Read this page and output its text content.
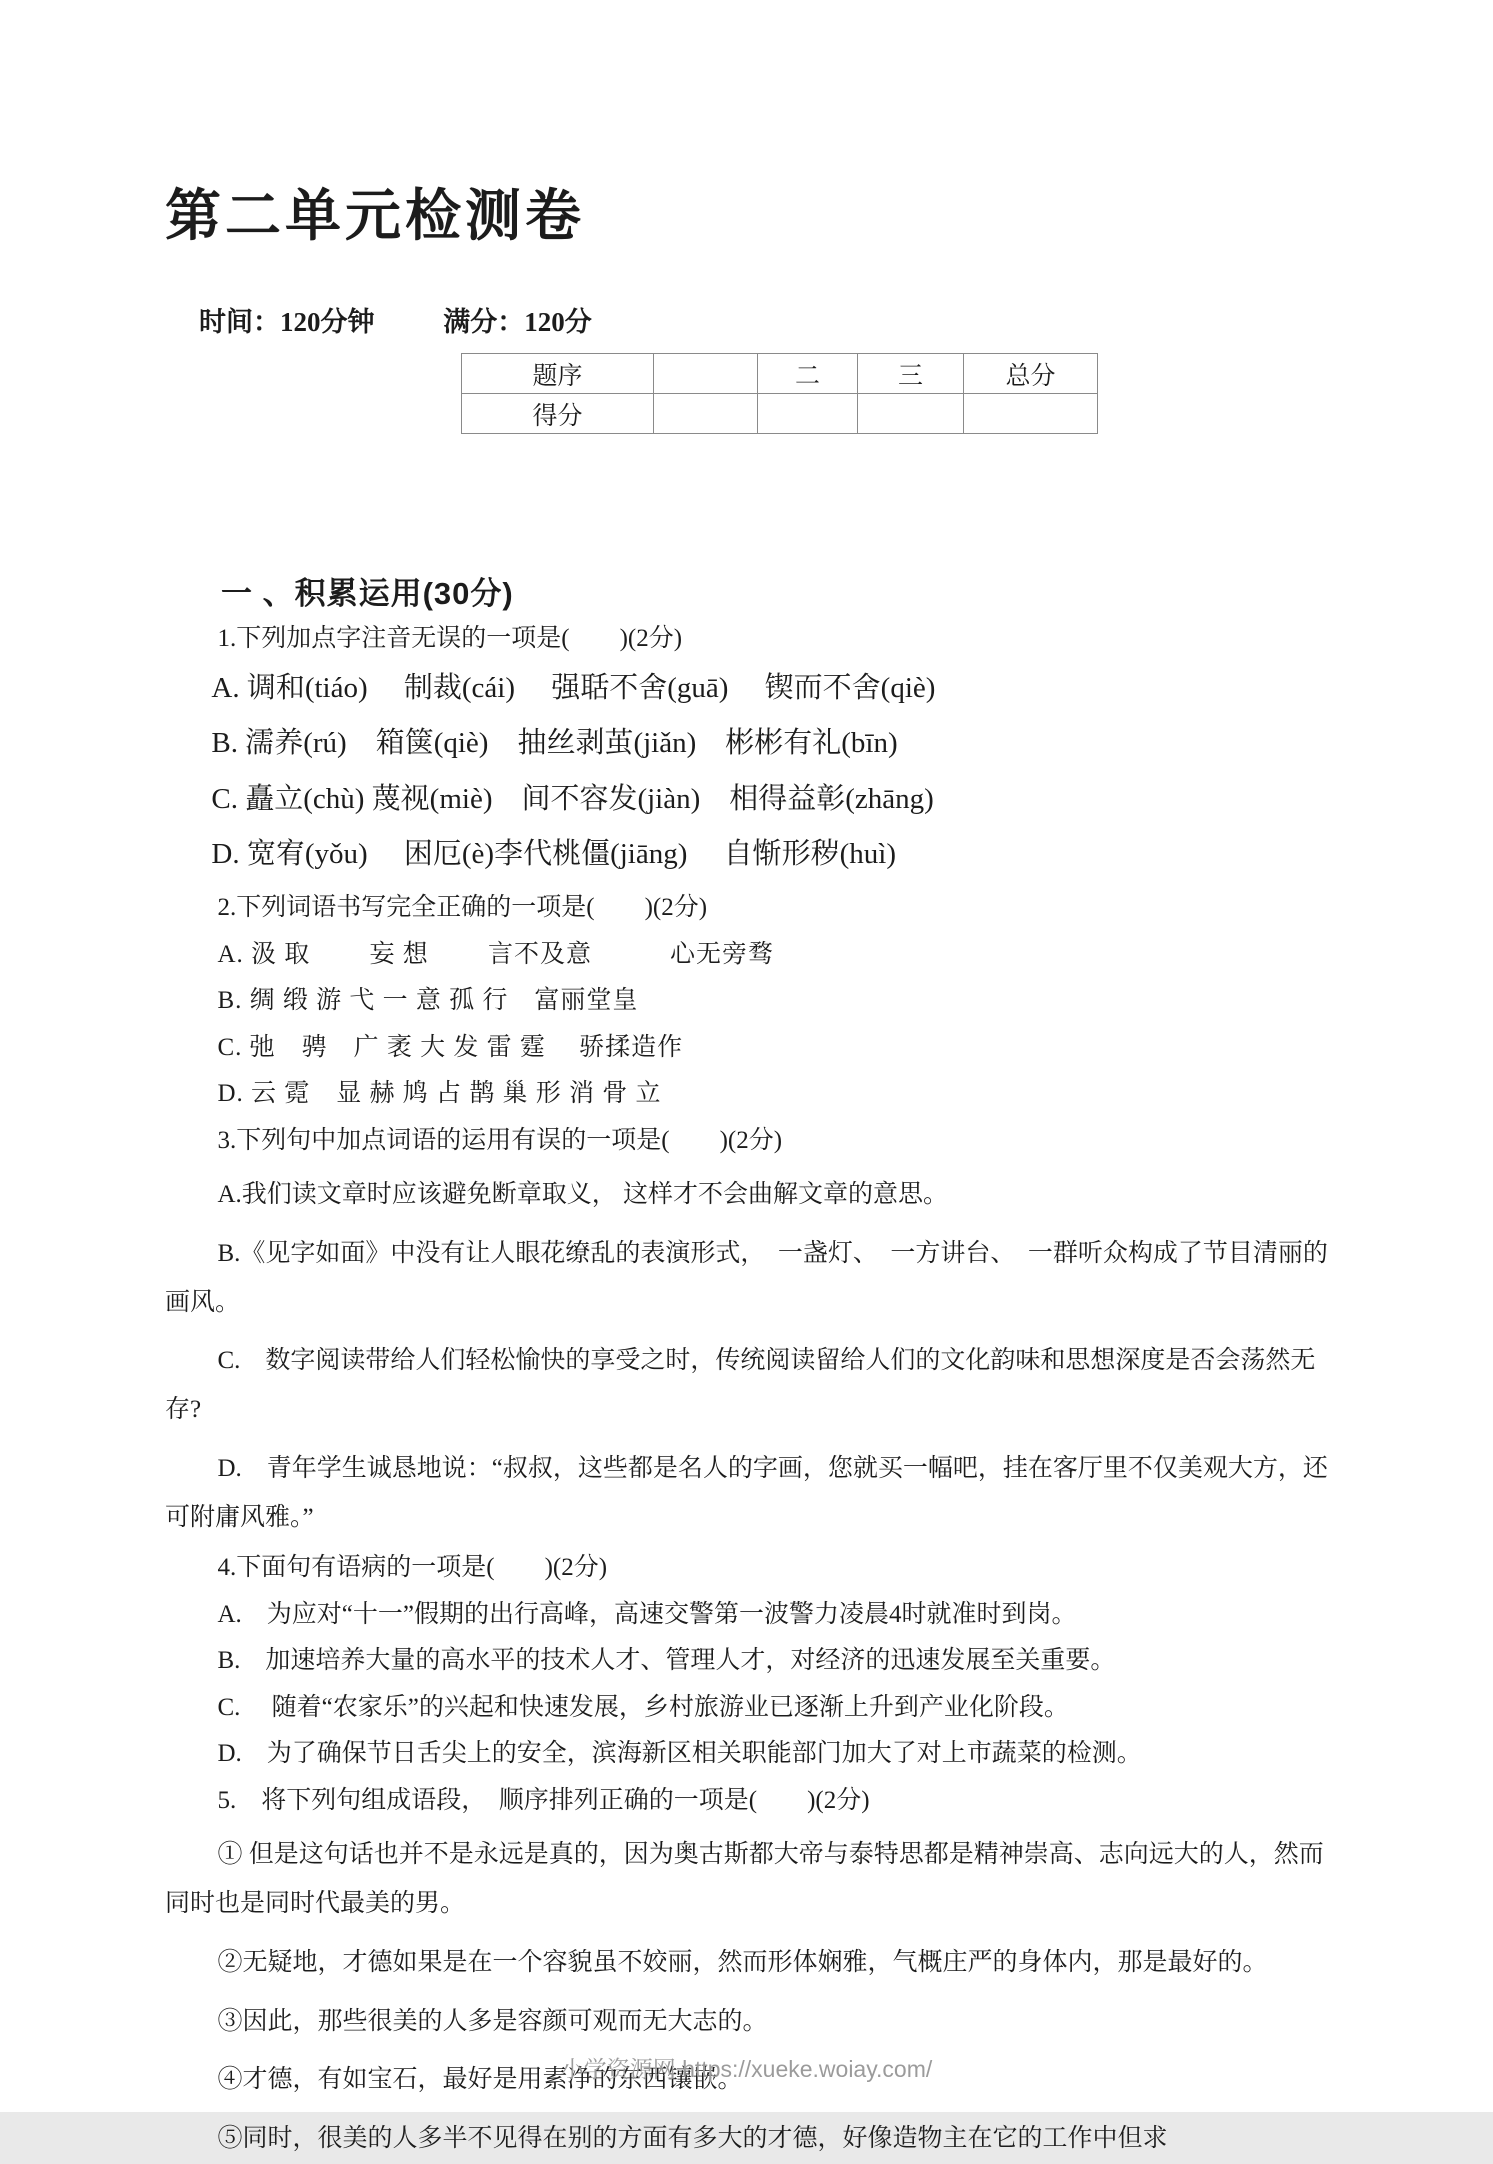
第二单元检测卷
时间：120分钟	满分：120分
题序		二	三	总分
得分				
一 、积累运用(30分)

1.下列加点字注音无误的一项是(　　)(2分)

A. 调和(tiáo)　 制裁(cái)　 强聒不舍(guā)　 锲而不舍(qiè)

B. 濡养(rú)　箱箧(qiè)　抽丝剥茧(jiǎn)　彬彬有礼(bīn)

C. 矗立(chù) 蔑视(miè)　间不容发(jiàn)　相得益彰(zhāng)

D. 宽宥(yǒu)　 困厄(è)李代桃僵(jiāng)　 自惭形秽(huì)

2.下列词语书写完全正确的一项是(　　)(2分)

A. 汲 取　　 妄 想　　 言不及意　　　心无旁骛

B. 绸 缎 游 弋 一 意 孤 行　富丽堂皇

C. 弛　骋　广 袤 大 发 雷 霆　 骄揉造作

D. 云 霓　显 赫 鸠 占 鹊 巢 形 消 骨 立

3.下列句中加点词语的运用有误的一项是(　　)(2分)

A.我们读文章时应该避免断章取义， 这样才不会曲解文章的意思。

B.《见字如面》中没有让人眼花缭乱的表演形式，　一盏灯、　一方讲台、　一群听众构成了节目清丽的画风。

C.　数字阅读带给人们轻松愉快的享受之时，传统阅读留给人们的文化韵味和思想深度是否会荡然无存?

D.　青年学生诚恳地说：“叔叔，这些都是名人的字画，您就买一幅吧，挂在客厅里不仅美观大方，还可附庸风雅。”

4.下面句有语病的一项是(　　)(2分)

A.　为应对“十一”假期的出行高峰，高速交警第一波警力凌晨4时就准时到岗。

B.　加速培养大量的高水平的技术人才、管理人才，对经济的迅速发展至关重要。

C.　 随着“农家乐”的兴起和快速发展，乡村旅游业已逐渐上升到产业化阶段。

D.　为了确保节日舌尖上的安全，滨海新区相关职能部门加大了对上市蔬菜的检测。

5.　将下列句组成语段，　顺序排列正确的一项是(　　)(2分)

① 但是这句话也并不是永远是真的，因为奥古斯都大帝与泰特思都是精神崇高、志向远大的人，然而同时也是同时代最美的男。

②无疑地，才德如果是在一个容貌虽不姣丽，然而形体娴雅，气概庄严的身体内，那是最好的。

③因此，那些很美的人多是容颜可观而无大志的。

④才德，有如宝石，最好是用素净的东西镶嵌。

⑤同时，很美的人多半不见得在别的方面有多大的才德，好像造物主在它的工作中但求

小学资源网 https://xueke.woiay.com/
